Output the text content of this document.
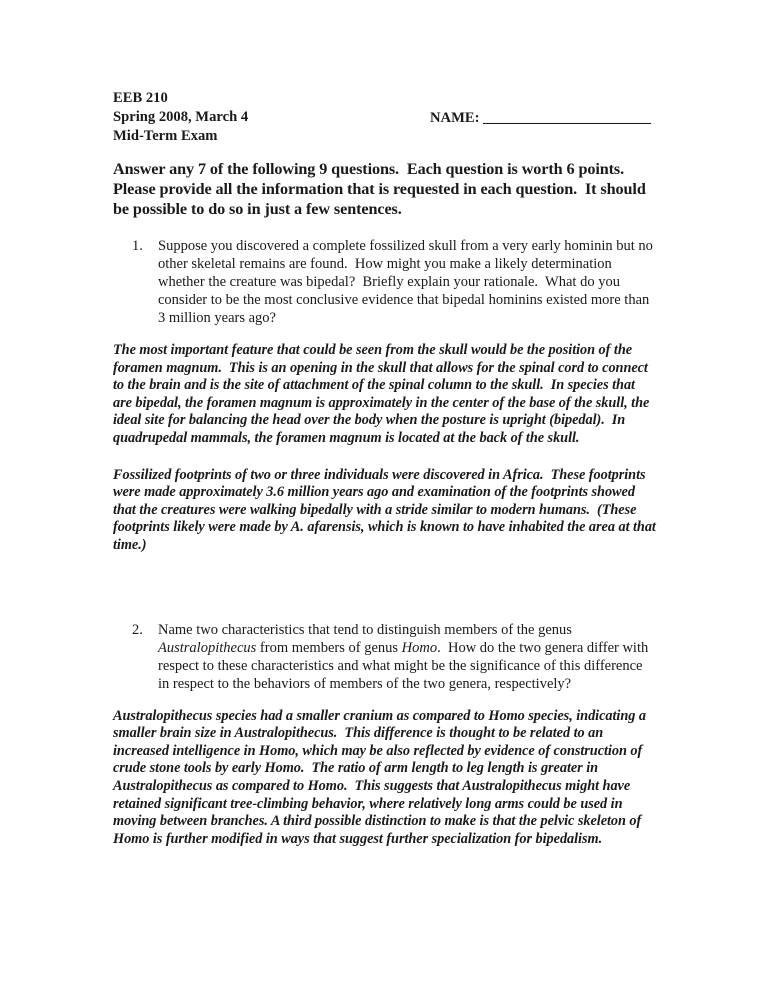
EEB 210
Spring 2008, March 4
Mid-Term Exam
NAME: _______________________

Answer any 7 of the following 9 questions.  Each question is worth 6 points.  Please provide all the information that is requested in each question.  It should be possible to do so in just a few sentences.

1.	Suppose you discovered a complete fossilized skull from a very early hominin but no other skeletal remains are found.  How might you make a likely determination whether the creature was bipedal?  Briefly explain your rationale.  What do you consider to be the most conclusive evidence that bipedal hominins existed more than 3 million years ago?

The most important feature that could be seen from the skull would be the position of the foramen magnum.  This is an opening in the skull that allows for the spinal cord to connect to the brain and is the site of attachment of the spinal column to the skull.  In species that are bipedal, the foramen magnum is approximately in the center of the base of the skull, the ideal site for balancing the head over the body when the posture is upright (bipedal).  In quadrupedal mammals, the foramen magnum is located at the back of the skull.

Fossilized footprints of two or three individuals were discovered in Africa.  These footprints were made approximately 3.6 million years ago and examination of the footprints showed that the creatures were walking bipedally with a stride similar to modern humans.  (These footprints likely were made by A. afarensis, which is known to have inhabited the area at that time.)

2.	Name two characteristics that tend to distinguish members of the genus Australopithecus from members of genus Homo.  How do the two genera differ with respect to these characteristics and what might be the significance of this difference in respect to the behaviors of members of the two genera, respectively?

Australopithecus species had a smaller cranium as compared to Homo species, indicating a smaller brain size in Australopithecus.  This difference is thought to be related to an increased intelligence in Homo, which may be also reflected by evidence of construction of crude stone tools by early Homo.  The ratio of arm length to leg length is greater in Australopithecus as compared to Homo.  This suggests that Australopithecus might have retained significant tree-climbing behavior, where relatively long arms could be used in moving between branches. A third possible distinction to make is that the pelvic skeleton of Homo is further modified in ways that suggest further specialization for bipedalism.
